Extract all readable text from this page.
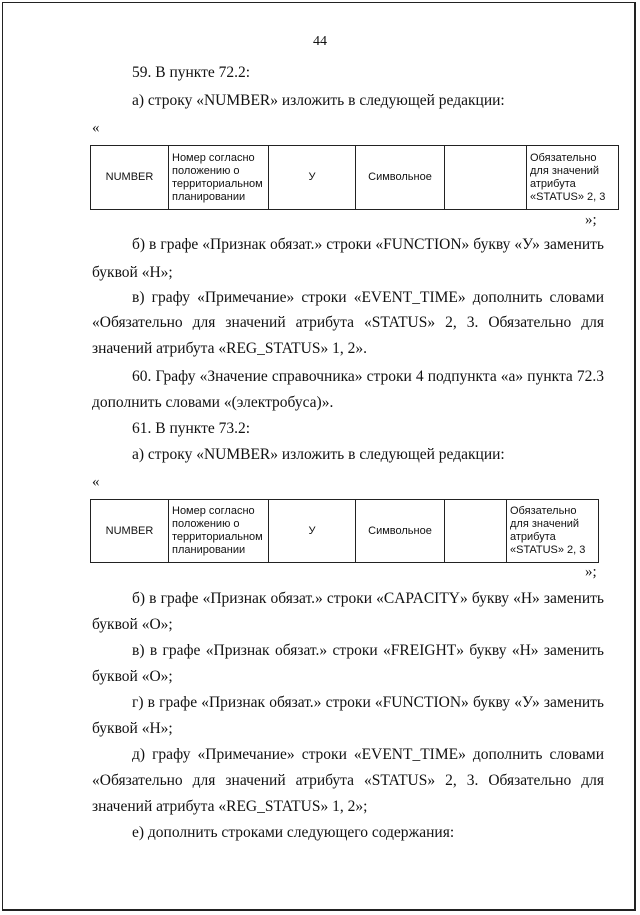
44
59. В пункте 72.2:
а) строку «NUMBER» изложить в следующей редакции:
«
NUMBER	Номер согласно положению о территориальном планировании	У	Символьное		Обязательно для значений атрибута «STATUS» 2, 3
»;
б) в графе «Признак обязат.» строки «FUNCTION» букву «У» заменить
буквой «Н»;
в) графу «Примечание» строки «EVENT_TIME» дополнить словами
«Обязательно для значений атрибута «STATUS» 2, 3. Обязательно для
значений атрибута «REG_STATUS» 1, 2».
60. Графу «Значение справочника» строки 4 подпункта «а» пункта 72.3
дополнить словами «(электробуса)».
61. В пункте 73.2:
а) строку «NUMBER» изложить в следующей редакции:
«
NUMBER	Номер согласно положению о территориальном планировании	У	Символьное		Обязательно для значений атрибута «STATUS» 2, 3
»;
б) в графе «Признак обязат.» строки «CAPACITY» букву «Н» заменить
буквой «О»;
в) в графе «Признак обязат.» строки «FREIGHT» букву «Н» заменить
буквой «О»;
г) в графе «Признак обязат.» строки «FUNCTION» букву «У» заменить
буквой «Н»;
д) графу «Примечание» строки «EVENT_TIME» дополнить словами
«Обязательно для значений атрибута «STATUS» 2, 3. Обязательно для
значений атрибута «REG_STATUS» 1, 2»;
е) дополнить строками следующего содержания:
